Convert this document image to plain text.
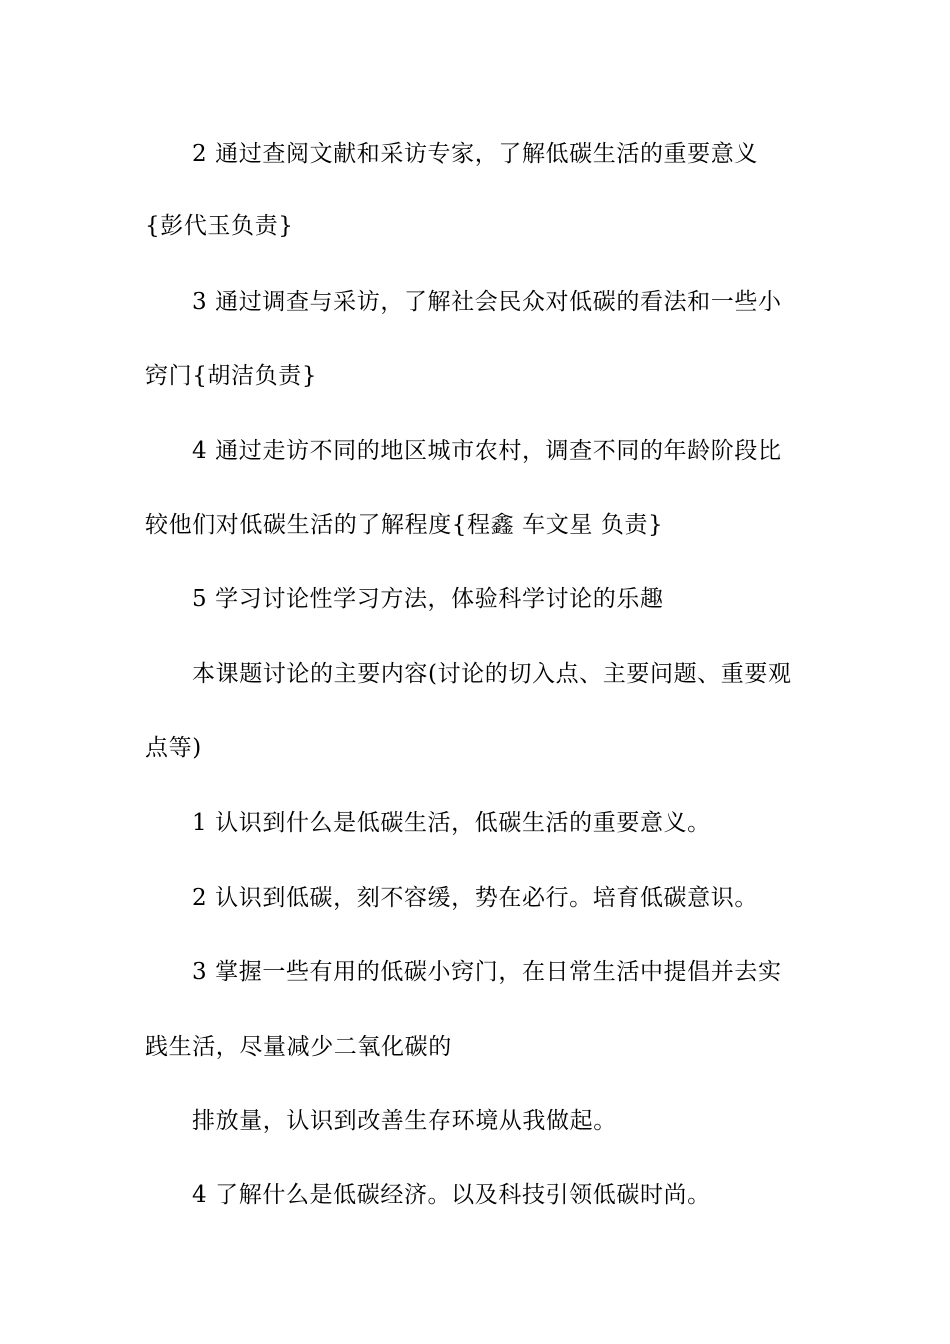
2 通过查阅文献和采访专家，了解低碳生活的重要意义
{彭代玉负责}
3 通过调查与采访，了解社会民众对低碳的看法和一些小
窍门{胡洁负责}
4 通过走访不同的地区城市农村，调查不同的年龄阶段比
较他们对低碳生活的了解程度{程鑫 车文星 负责}
5 学习讨论性学习方法，体验科学讨论的乐趣
本课题讨论的主要内容(讨论的切入点、主要问题、重要观
点等)
1 认识到什么是低碳生活，低碳生活的重要意义。
2 认识到低碳，刻不容缓，势在必行。培育低碳意识。
3 掌握一些有用的低碳小窍门，在日常生活中提倡并去实
践生活，尽量减少二氧化碳的
排放量，认识到改善生存环境从我做起。
4 了解什么是低碳经济。以及科技引领低碳时尚。
